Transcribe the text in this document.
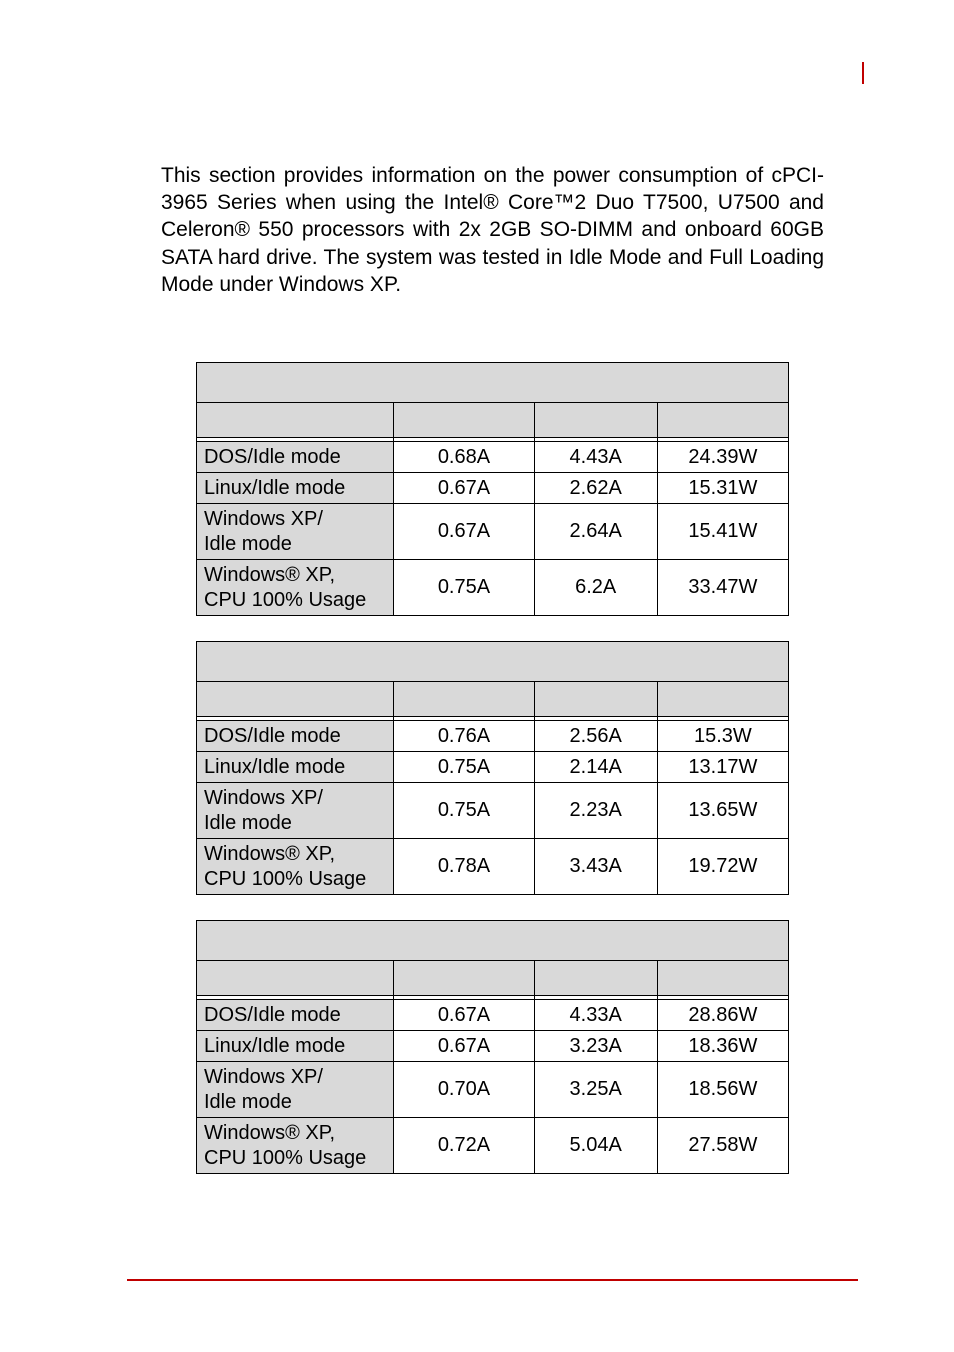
This section provides information on the power consumption of cPCI-3965 Series when using the Intel® Core™2 Duo T7500, U7500 and Celeron® 550 processors with 2x 2GB SO-DIMM and onboard 60GB SATA hard drive. The system was tested in Idle Mode and Full Loading Mode under Windows XP.

DOS/Idle mode	0.68A	4.43A	24.39W
Linux/Idle mode	0.67A	2.62A	15.31W
Windows XP/
Idle mode	0.67A	2.64A	15.41W
Windows® XP,
CPU 100% Usage	0.75A	6.2A	33.47W

DOS/Idle mode	0.76A	2.56A	15.3W
Linux/Idle mode	0.75A	2.14A	13.17W
Windows XP/
Idle mode	0.75A	2.23A	13.65W
Windows® XP,
CPU 100% Usage	0.78A	3.43A	19.72W

DOS/Idle mode	0.67A	4.33A	28.86W
Linux/Idle mode	0.67A	3.23A	18.36W
Windows XP/
Idle mode	0.70A	3.25A	18.56W
Windows® XP,
CPU 100% Usage	0.72A	5.04A	27.58W
